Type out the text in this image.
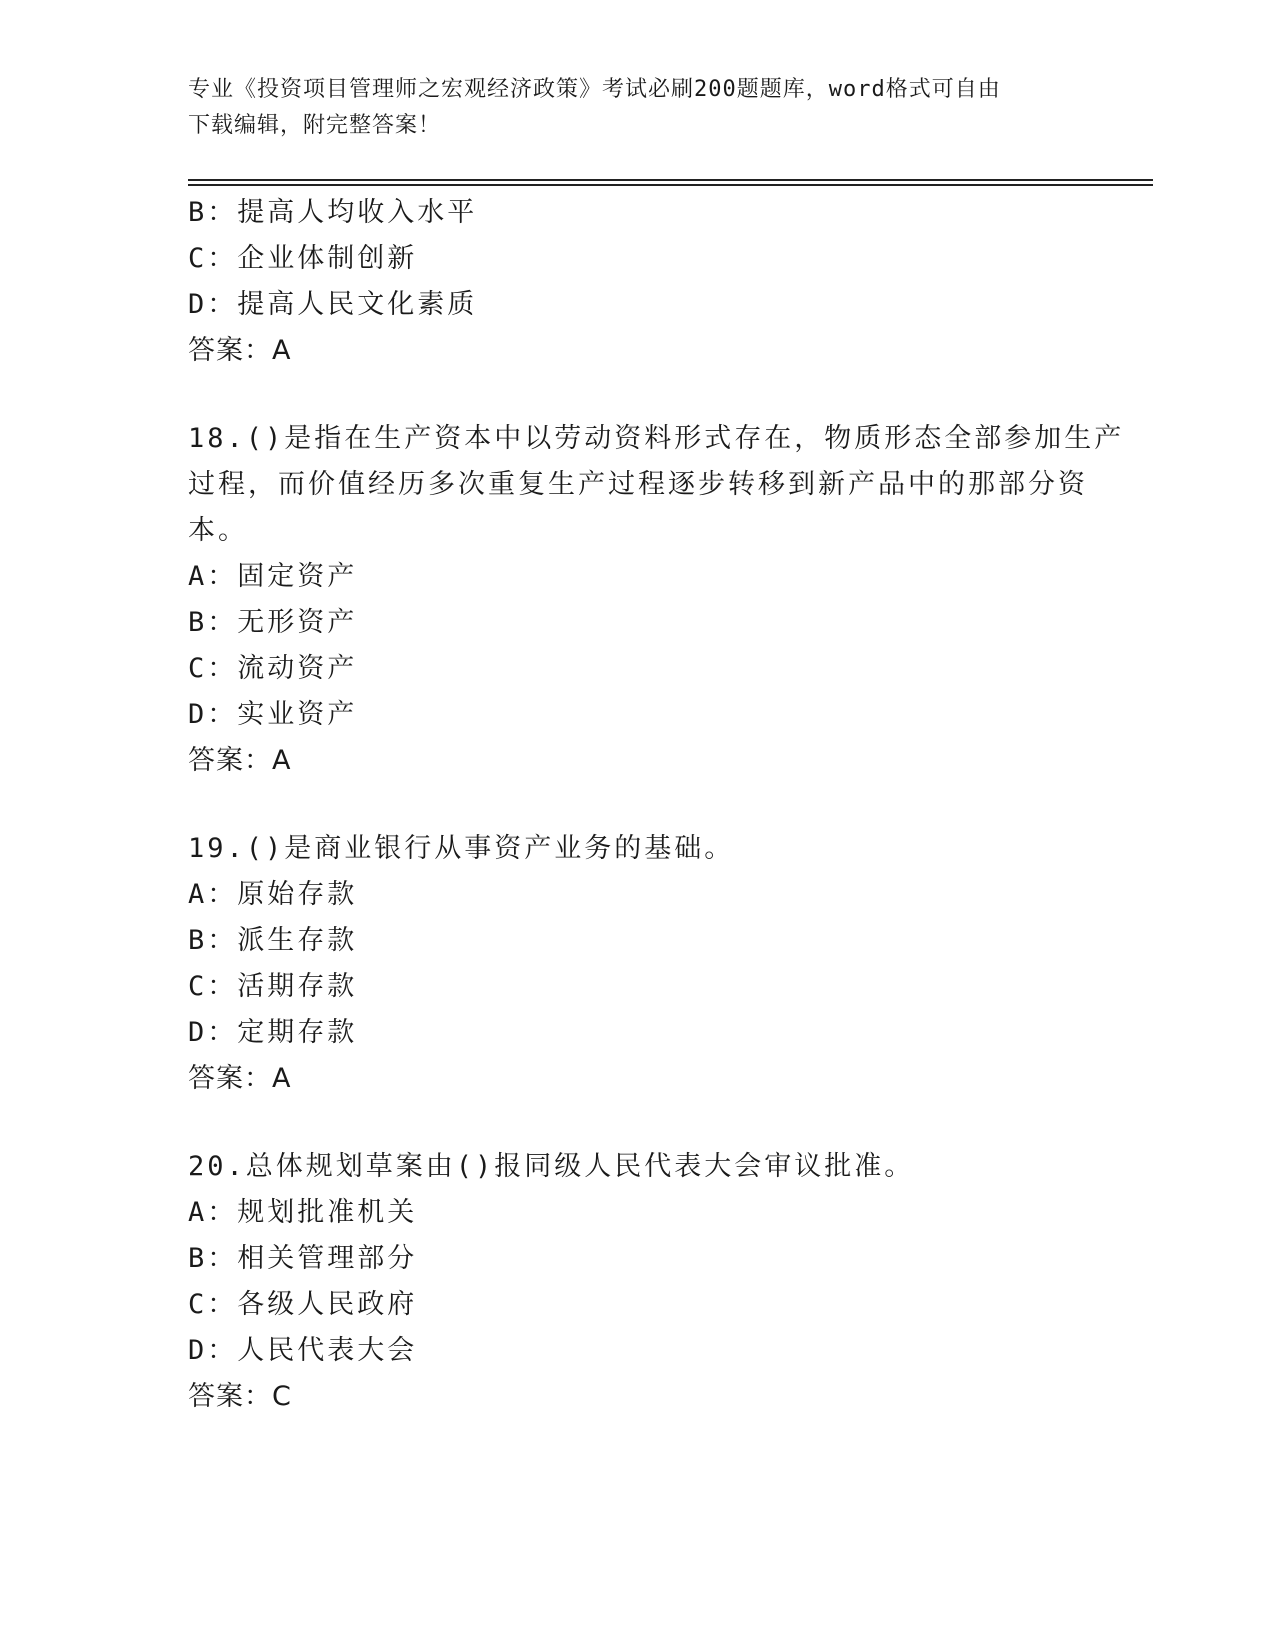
专业《投资项目管理师之宏观经济政策》考试必刷200题题库，word格式可自由
下载编辑，附完整答案！
B：提高人均收入水平
C：企业体制创新
D：提高人民文化素质
答案：A
18.()是指在生产资本中以劳动资料形式存在，物质形态全部参加生产
过程，而价值经历多次重复生产过程逐步转移到新产品中的那部分资
本。
A：固定资产
B：无形资产
C：流动资产
D：实业资产
答案：A
19.()是商业银行从事资产业务的基础。
A：原始存款
B：派生存款
C：活期存款
D：定期存款
答案：A
20.总体规划草案由()报同级人民代表大会审议批准。
A：规划批准机关
B：相关管理部分
C：各级人民政府
D：人民代表大会
答案：C
